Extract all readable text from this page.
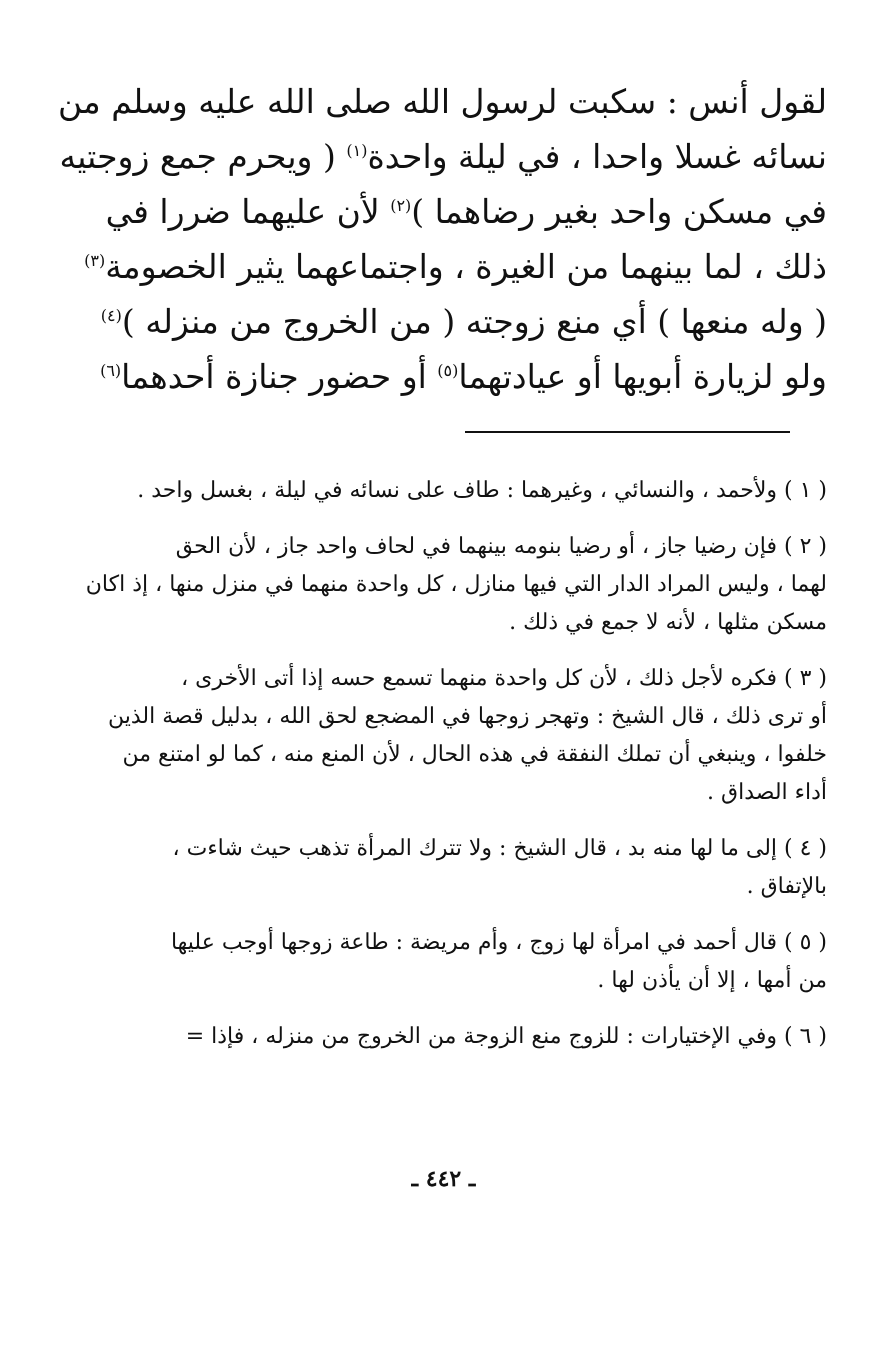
لقول أنس : سكبت لرسول الله صلى الله عليه وسلم من
نسائه غسلا واحدا ، في ليلة واحدة$^{(١)}$ ( ويحرم جمع زوجتيه
في مسكن واحد بغير رضاهما )$^{(٢)}$ لأن عليهما ضررا في
ذلك ، لما بينهما من الغيرة ، واجتماعهما يثير الخصومة$^{(٣)}$
( وله منعها ) أي منع زوجته ( من الخروج من منزله )$^{(٤)}$
ولو لزيارة أبويها أو عيادتهما$^{(٥)}$ أو حضور جنازة أحدهما$^{(٦)}$
( ١ ) ولأحمد ، والنسائي ، وغيرهما : طاف على نسائه في ليلة ، بغسل واحد .
( ٢ ) فإن رضيا جاز ، أو رضيا بنومه بينهما في لحاف واحد جاز ، لأن الحق
لهما ، وليس المراد الدار التي فيها منازل ، كل واحدة منهما في منزل منها ، إذ اكان
مسكن مثلها ، لأنه لا جمع في ذلك .
( ٣ ) فكره لأجل ذلك ، لأن كل واحدة منهما تسمع حسه إذا أتى الأخرى ،
أو ترى ذلك ، قال الشيخ : وتهجر زوجها في المضجع لحق الله ، بدليل قصة الذين
خلفوا ، وينبغي أن تملك النفقة في هذه الحال ، لأن المنع منه ، كما لو امتنع من
أداء الصداق .
( ٤ ) إلى ما لها منه بد ، قال الشيخ : ولا تترك المرأة تذهب حيث شاءت ،
بالإتفاق .
( ٥ ) قال أحمد في امرأة لها زوج ، وأم مريضة : طاعة زوجها أوجب عليها
من أمها ، إلا أن يأذن لها .
( ٦ ) وفي الإختيارات : للزوج منع الزوجة من الخروج من منزله ، فإذا =
ـ ٤٤٢ ـ
